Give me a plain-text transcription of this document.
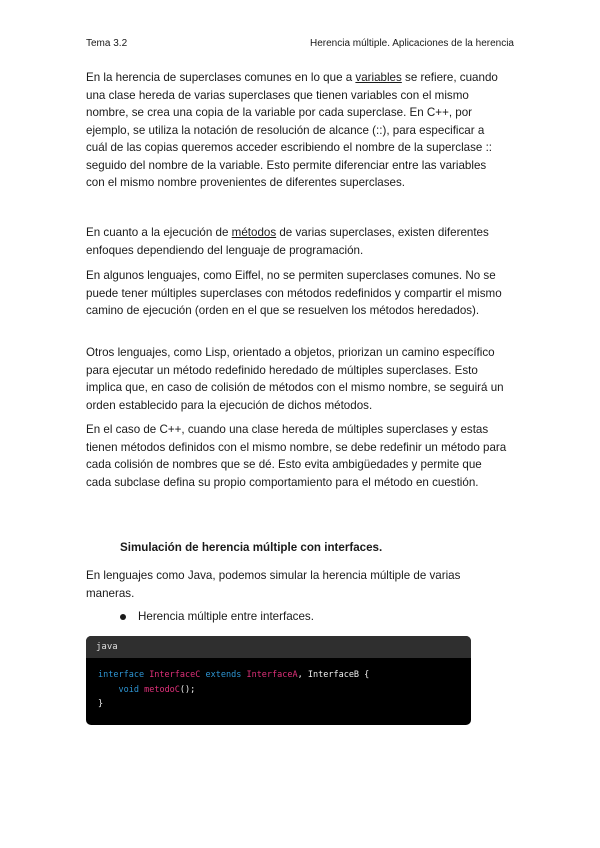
Tema 3.2	Herencia múltiple. Aplicaciones de la herencia

En la herencia de superclases comunes en lo que a variables se refiere, cuando una clase hereda de varias superclases que tienen variables con el mismo nombre, se crea una copia de la variable por cada superclase. En C++, por ejemplo, se utiliza la notación de resolución de alcance (::), para especificar a cuál de las copias queremos acceder escribiendo el nombre de la superclase :: seguido del nombre de la variable. Esto permite diferenciar entre las variables con el mismo nombre provenientes de diferentes superclases.

En cuanto a la ejecución de métodos de varias superclases, existen diferentes enfoques dependiendo del lenguaje de programación.

En algunos lenguajes, como Eiffel, no se permiten superclases comunes. No se puede tener múltiples superclases con métodos redefinidos y compartir el mismo camino de ejecución (orden en el que se resuelven los métodos heredados).

Otros lenguajes, como Lisp, orientado a objetos, priorizan un camino específico para ejecutar un método redefinido heredado de múltiples superclases. Esto implica que, en caso de colisión de métodos con el mismo nombre, se seguirá un orden establecido para la ejecución de dichos métodos.

En el caso de C++, cuando una clase hereda de múltiples superclases y estas tienen métodos definidos con el mismo nombre, se debe redefinir un método para cada colisión de nombres que se dé. Esto evita ambigüedades y permite que cada subclase defina su propio comportamiento para el método en cuestión.

Simulación de herencia múltiple con interfaces.

En lenguajes como Java, podemos simular la herencia múltiple de varias maneras.

Herencia múltiple entre interfaces.
java
interface InterfaceC extends InterfaceA, InterfaceB {
void metodoC();
}
